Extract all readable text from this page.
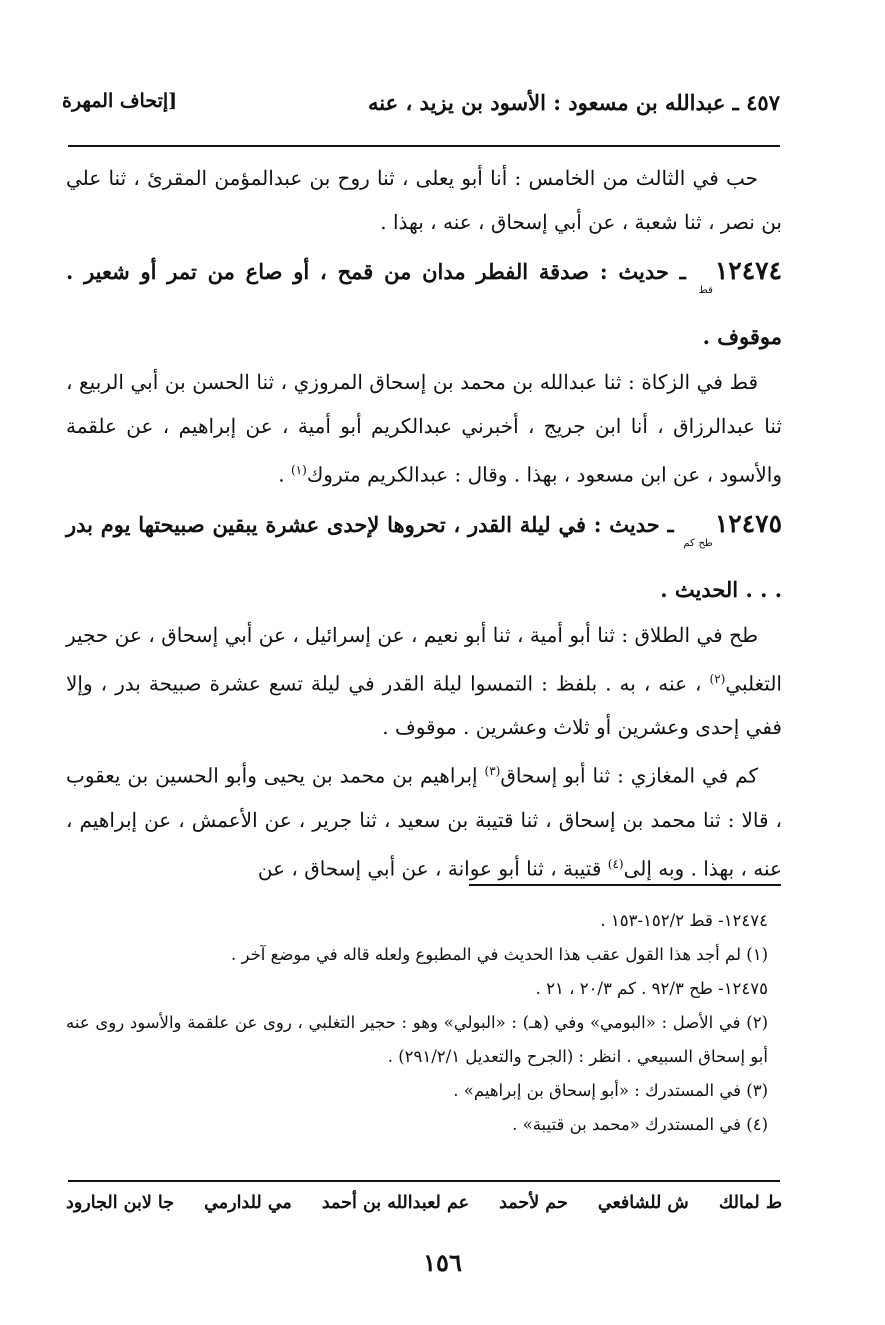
٤٥٧ ـ عبدالله بن مسعود : الأسود بن يزيد ، عنه
[إتحاف المهرة

حب في الثالث من الخامس : أنا أبو يعلى ، ثنا روح بن عبدالمؤمن المقرئ ، ثنا علي بن نصر ، ثنا شعبة ، عن أبي إسحاق ، عنه ، بهذا .

$١٢٤٧٤_{قط}$ ـ حديث : صدقة الفطر مدان من قمح ، أو صاع من تمر أو شعير . موقوف .

قط في الزكاة : ثنا عبدالله بن محمد بن إسحاق المروزي ، ثنا الحسن بن أبي الربيع ، ثنا عبدالرزاق ، أنا ابن جريج ، أخبرني عبدالكريم أبو أمية ، عن إبراهيم ، عن علقمة والأسود ، عن ابن مسعود ، بهذا . وقال : عبدالكريم متروك$^{(١)}$ .

$١٢٤٧٥_{طح كم}$ ـ حديث : في ليلة القدر ، تحروها لإحدى عشرة يبقين صبيحتها يوم بدر . . . الحديث .

طح في الطلاق : ثنا أبو أمية ، ثنا أبو نعيم ، عن إسرائيل ، عن أبي إسحاق ، عن حجير التغلبي$^{(٢)}$ ، عنه ، به . بلفظ : التمسوا ليلة القدر في ليلة تسع عشرة صبيحة بدر ، وإلا ففي إحدى وعشرين أو ثلاث وعشرين . موقوف .

كم في المغازي : ثنا أبو إسحاق$^{(٣)}$ إبراهيم بن محمد بن يحيى وأبو الحسين بن يعقوب ، قالا : ثنا محمد بن إسحاق ، ثنا قتيبة بن سعيد ، ثنا جرير ، عن الأعمش ، عن إبراهيم ، عنه ، بهذا . وبه إلى$^{(٤)}$ قتيبة ، ثنا أبو عوانة ، عن أبي إسحاق ، عن

١٢٤٧٤- قط ١٥٢/٢-١٥٣ .

(١) لم أجد هذا القول عقب هذا الحديث في المطبوع ولعله قاله في موضع آخر .

١٢٤٧٥- طح ٩٢/٣ . كم ٢٠/٣ ، ٢١ .

(٢) في الأصل : «البومي» وفي (هـ) : «البولي» وهو : حجير التغلبي ، روى عن علقمة والأسود روى عنه أبو إسحاق السبيعي . انظر : (الجرح والتعديل ٢٩١/٢/١) .

(٣) في المستدرك : «أبو إسحاق بن إبراهيم» .

(٤) في المستدرك «محمد بن قتيبة» .

ط لمالك
ش للشافعي
حم لأحمد
عم لعبدالله بن أحمد
مي للدارمي
جا لابن الجارود
١٥٦
